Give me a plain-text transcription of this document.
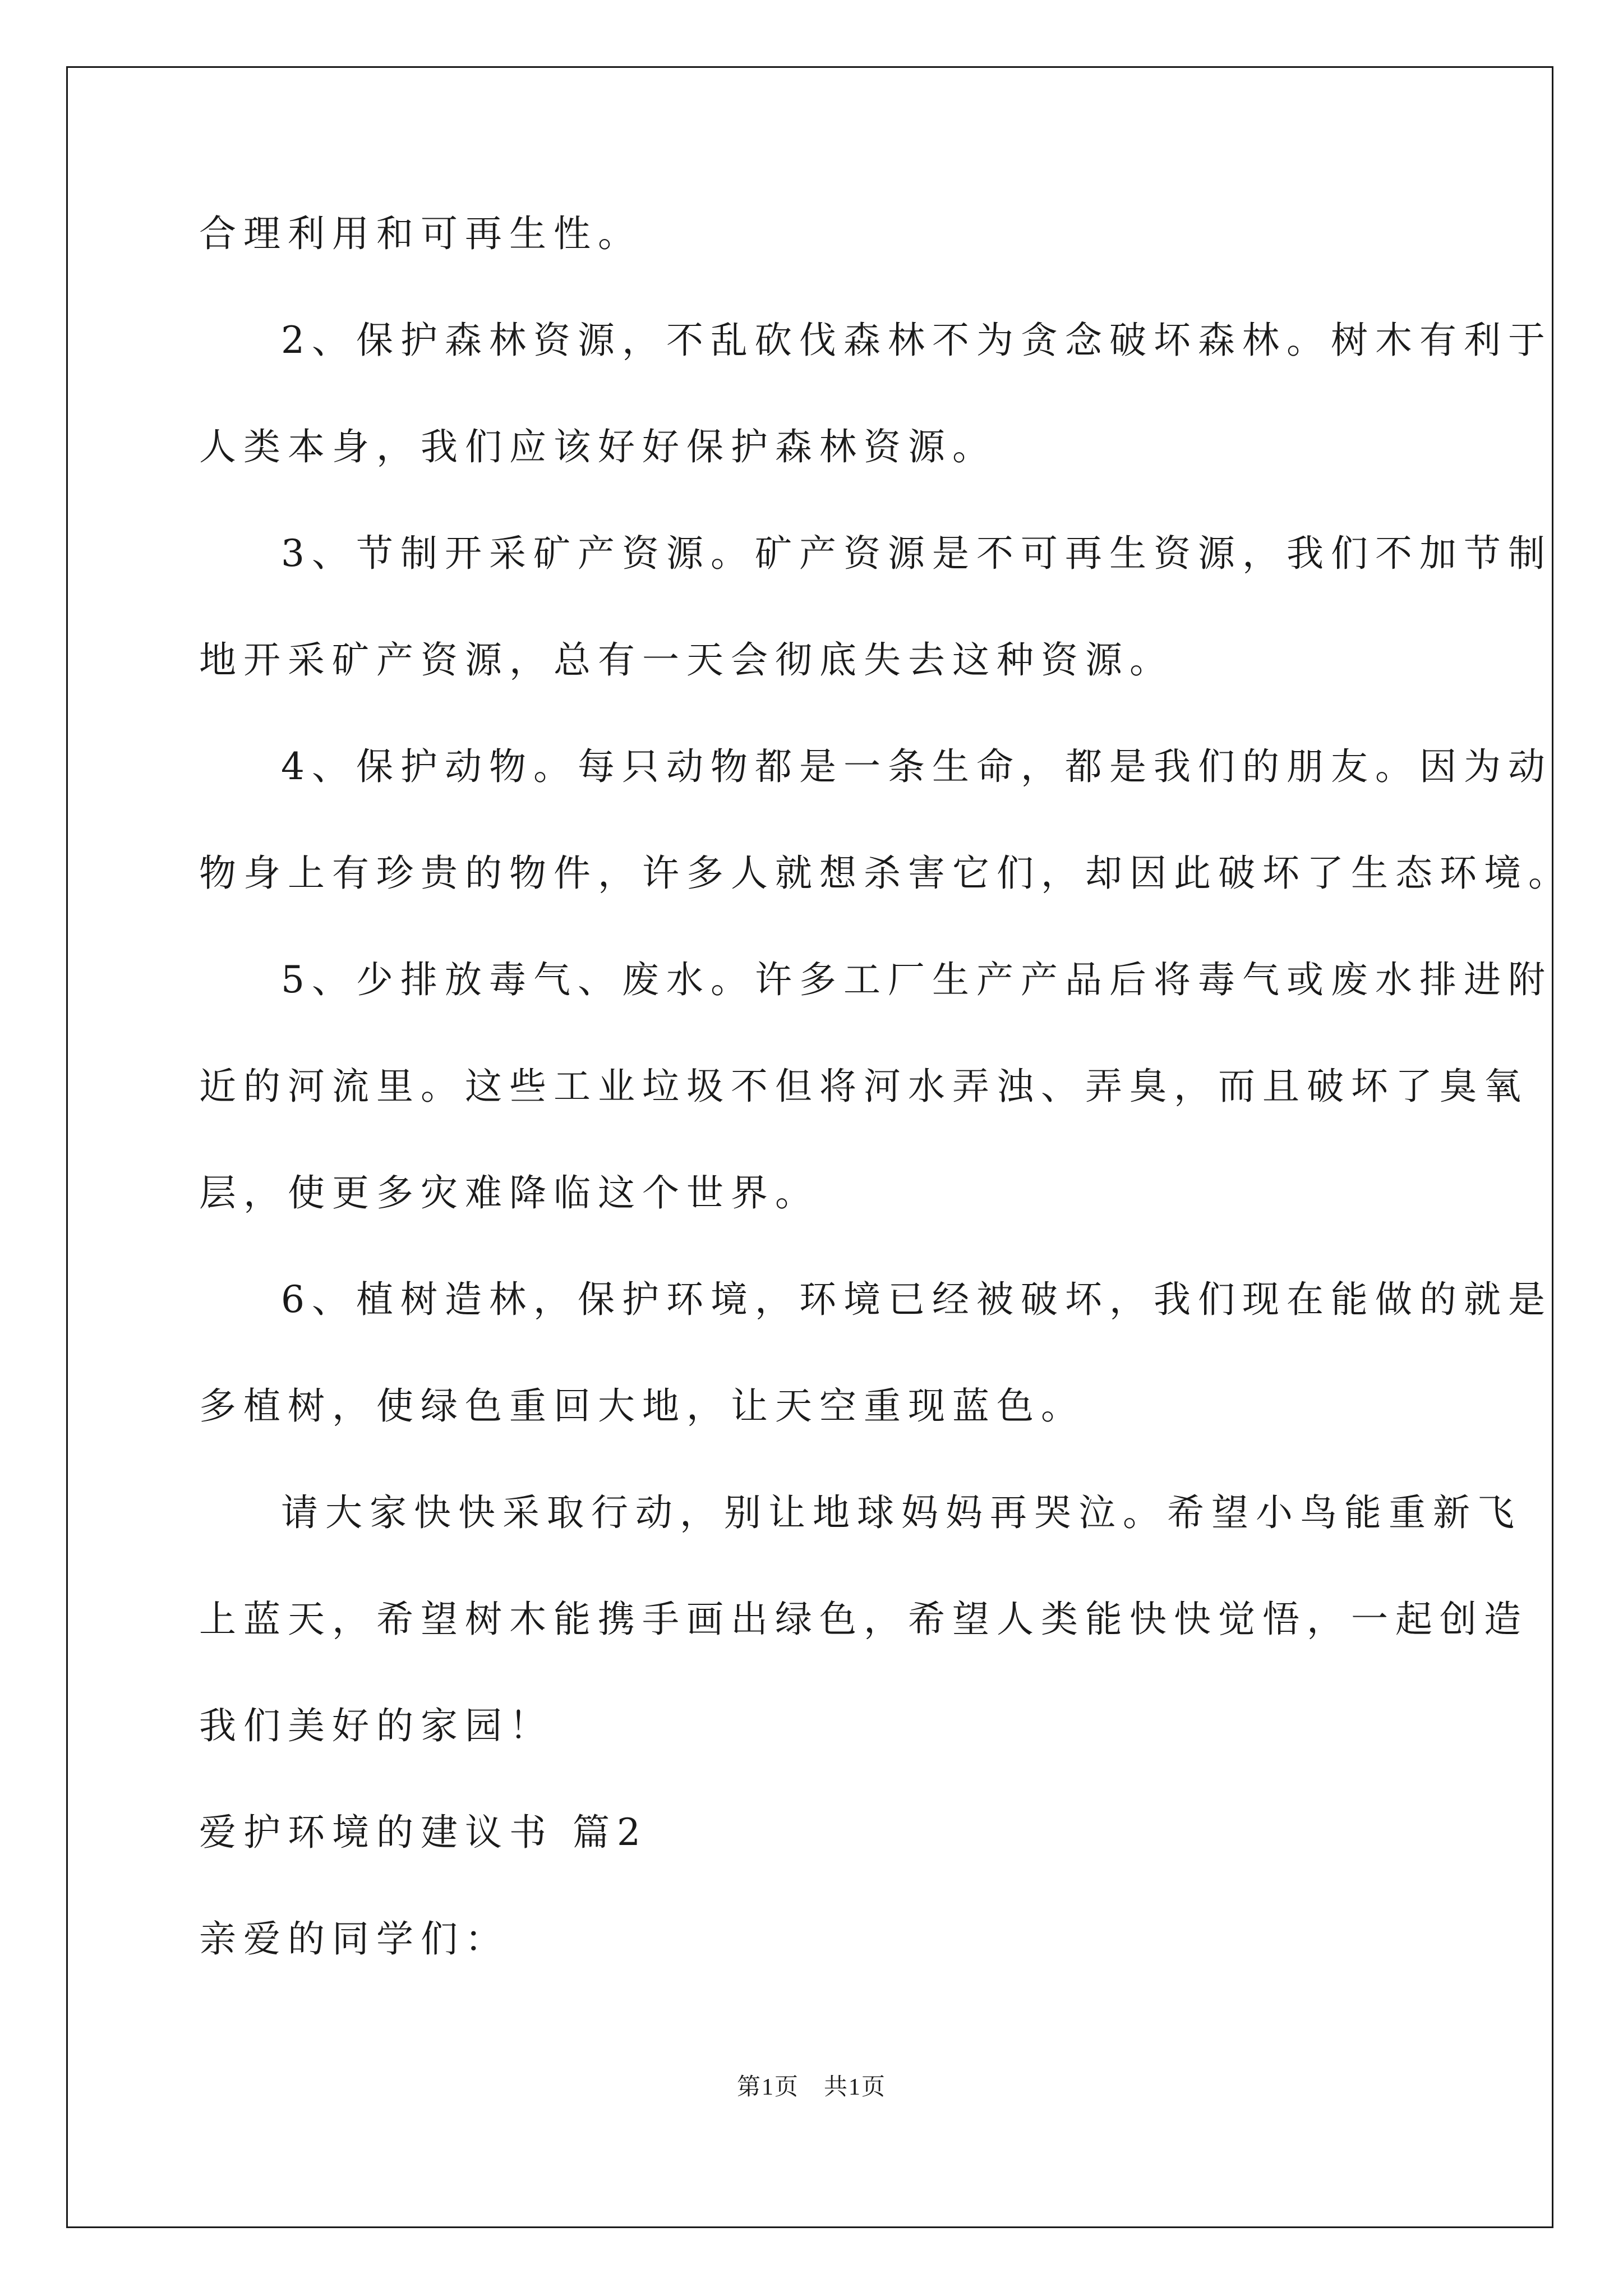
合理利用和可再生性。
2、保护森林资源，不乱砍伐森林不为贪念破坏森林。树木有利于
人类本身，我们应该好好保护森林资源。
3、节制开采矿产资源。矿产资源是不可再生资源，我们不加节制
地开采矿产资源，总有一天会彻底失去这种资源。
4、保护动物。每只动物都是一条生命，都是我们的朋友。因为动
物身上有珍贵的物件，许多人就想杀害它们，却因此破坏了生态环境。
5、少排放毒气、废水。许多工厂生产产品后将毒气或废水排进附
近的河流里。这些工业垃圾不但将河水弄浊、弄臭，而且破坏了臭氧
层，使更多灾难降临这个世界。
6、植树造林，保护环境，环境已经被破坏，我们现在能做的就是
多植树，使绿色重回大地，让天空重现蓝色。
请大家快快采取行动，别让地球妈妈再哭泣。希望小鸟能重新飞
上蓝天，希望树木能携手画出绿色，希望人类能快快觉悟，一起创造
我们美好的家园！
爱护环境的建议书 篇2
亲爱的同学们：
第1页　共1页
